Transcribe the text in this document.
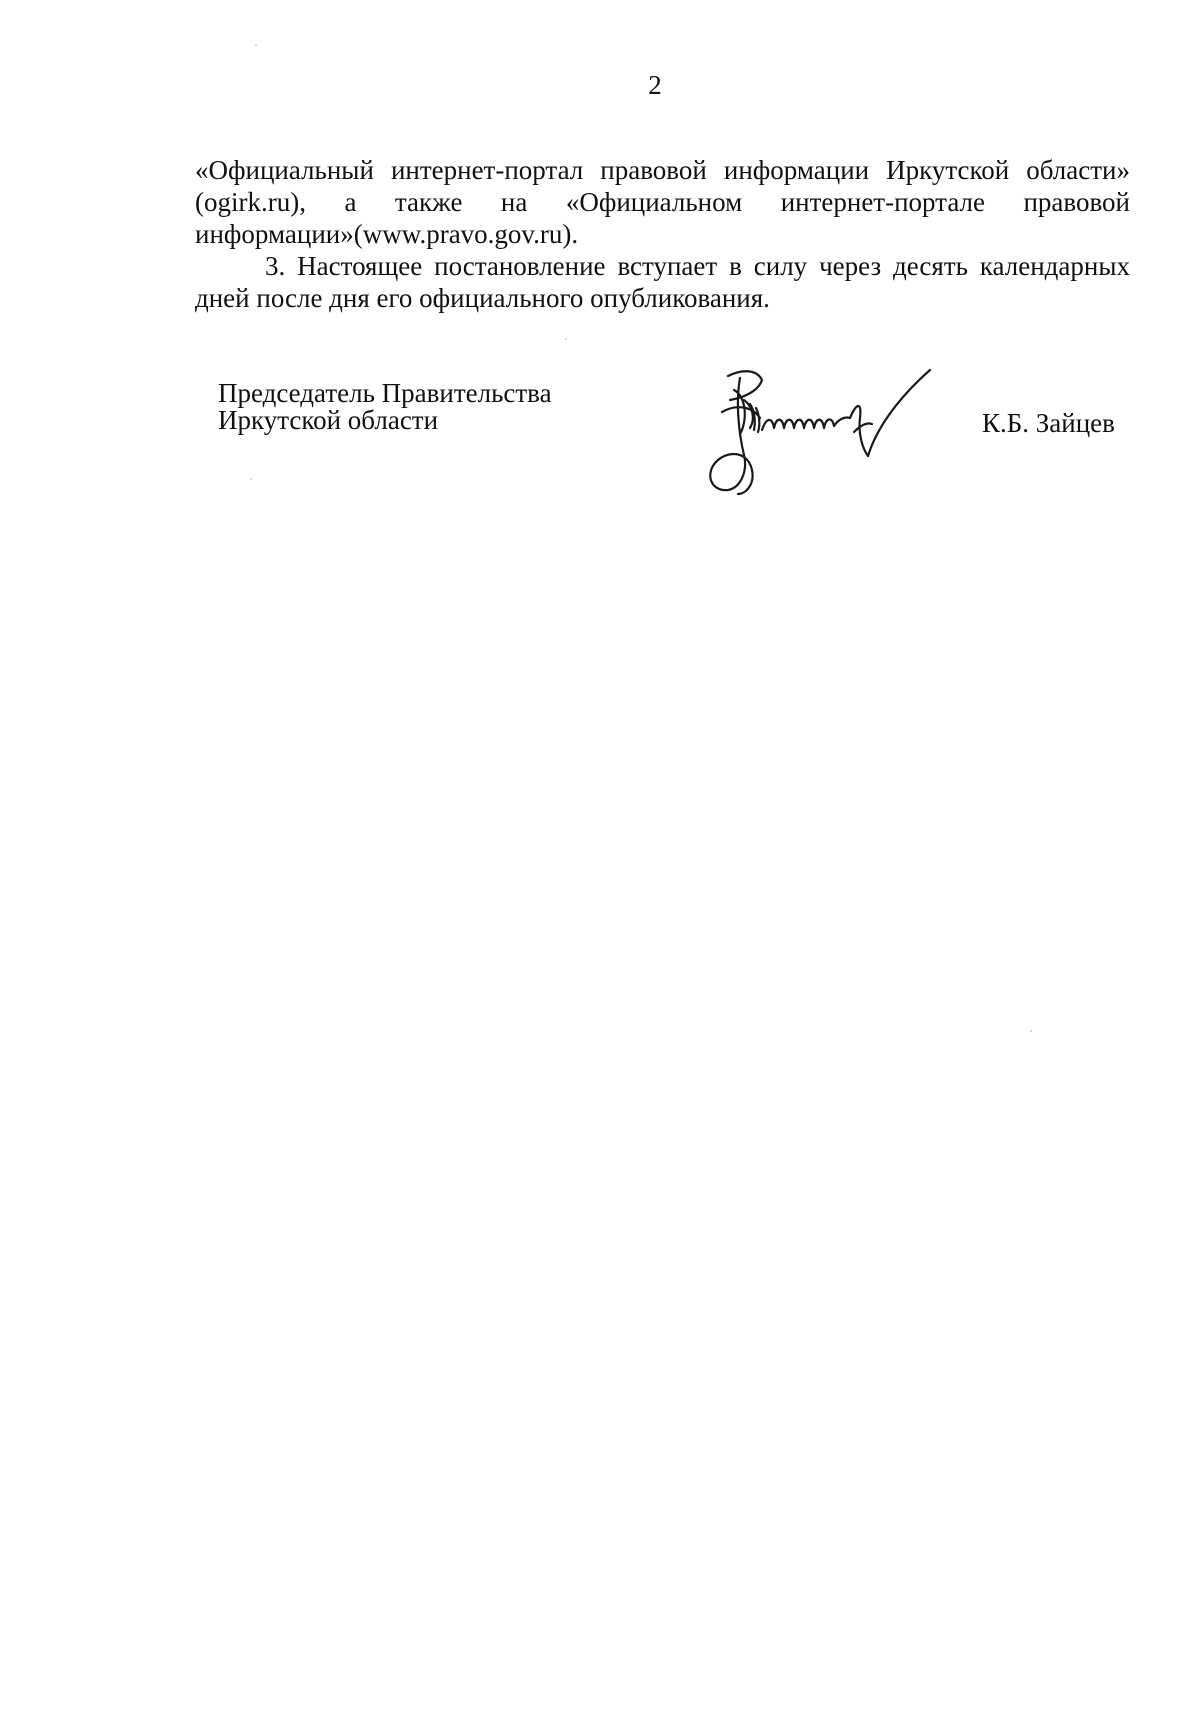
2
«Официальный интернет-портал правовой информации Иркутской области»
(ogirk.ru), а также на «Официальном интернет-портале правовой
информации»(www.pravo.gov.ru).
3. Настоящее постановление вступает в силу через десять календарных
дней после дня его официального опубликования.
Председатель Правительства
Иркутской области	К.Б. Зайцев
